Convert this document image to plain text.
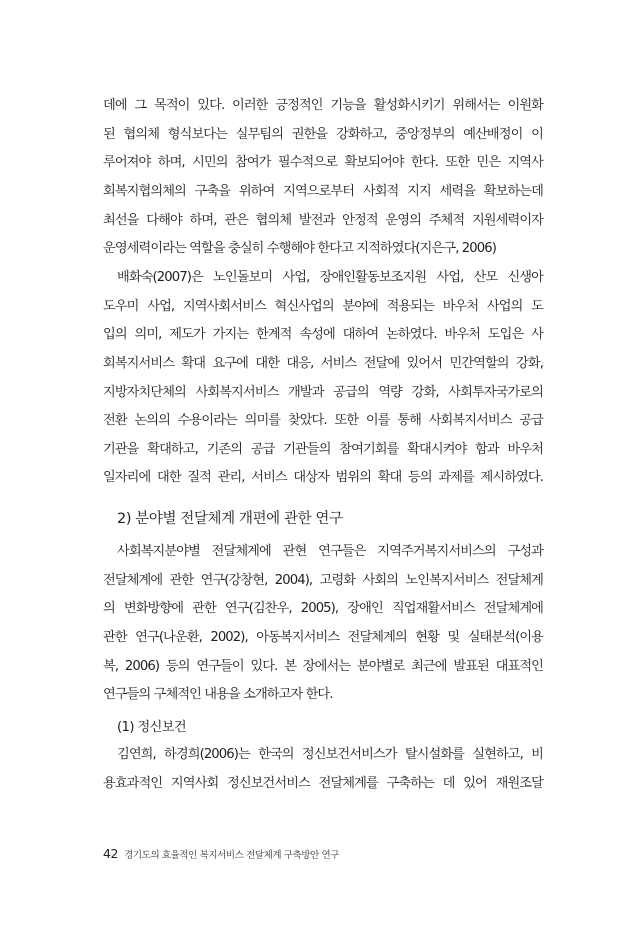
데에 그 목적이 있다. 이러한 긍정적인 기능을 활성화시키기 위해서는 이원화
된 협의체 형식보다는 실무팀의 권한을 강화하고, 중앙정부의 예산배정이 이
루어져야 하며, 시민의 참여가 필수적으로 확보되어야 한다. 또한 민은 지역사
회복지협의체의 구축을 위하여 지역으로부터 사회적 지지 세력을 확보하는데
최선을 다해야 하며, 관은 협의체 발전과 안정적 운영의 주체적 지원세력이자
운영세력이라는 역할을 충실히 수행해야 한다고 지적하였다(지은구, 2006)
배화숙(2007)은 노인돌보미 사업, 장애인활동보조지원 사업, 산모 신생아
도우미 사업, 지역사회서비스 혁신사업의 분야에 적용되는 바우처 사업의 도
입의 의미, 제도가 가지는 한계적 속성에 대하여 논하였다. 바우처 도입은 사
회복지서비스 확대 요구에 대한 대응, 서비스 전달에 있어서 민간역할의 강화,
지방자치단체의 사회복지서비스 개발과 공급의 역량 강화, 사회투자국가로의
전환 논의의 수용이라는 의미를 찾았다. 또한 이를 통해 사회복지서비스 공급
기관을 확대하고, 기존의 공급 기관들의 참여기회를 확대시켜야 함과 바우처
일자리에 대한 질적 관리, 서비스 대상자 범위의 확대 등의 과제를 제시하였다.
2) 분야별 전달체계 개편에 관한 연구
사회복지분야별 전달체계에 관현 연구들은 지역주거복지서비스의 구성과
전달체계에 관한 연구(강창현, 2004), 고령화 사회의 노인복지서비스 전달체계
의 변화방향에 관한 연구(김찬우, 2005), 장애인 직업재활서비스 전달체계에
관한 연구(나운환, 2002), 아동복지서비스 전달체계의 현황 및 실태분석(이용
복, 2006) 등의 연구들이 있다. 본 장에서는 분야별로 최근에 발표된 대표적인
연구들의 구체적인 내용을 소개하고자 한다.
(1) 정신보건
김연희, 하경희(2006)는 한국의 정신보건서비스가 탈시설화를 실현하고, 비
용효과적인 지역사회 정신보건서비스 전달체계를 구축하는 데 있어 재원조달
42 경기도의 효율적인 복지서비스 전달체계 구축방안 연구
